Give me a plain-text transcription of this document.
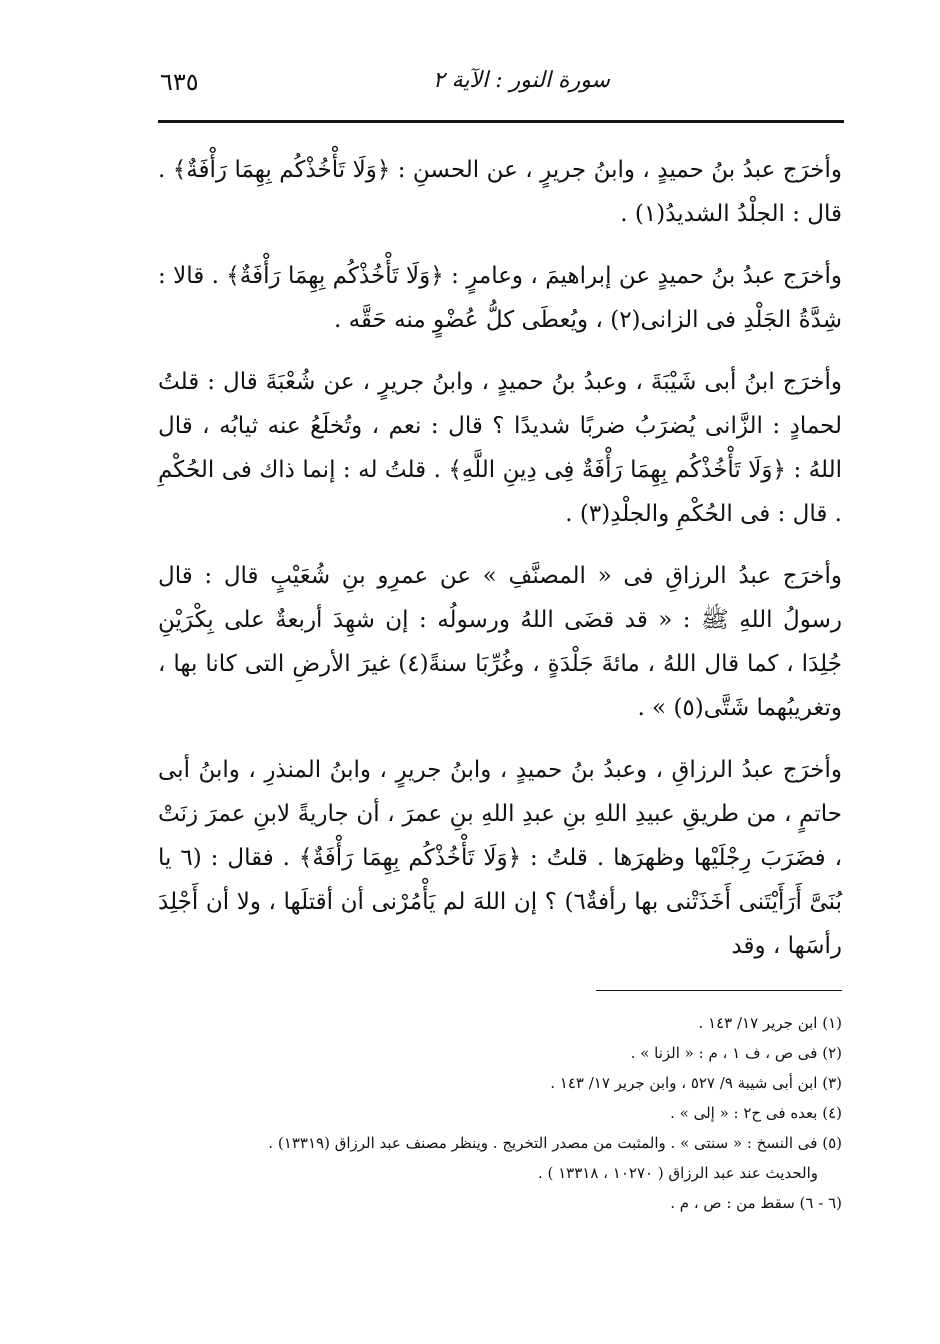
سورة النور : الآية ٢
٦٣٥

وأخرَج عبدُ بنُ حميدٍ ، وابنُ جريرٍ ، عن الحسنِ : ﴿وَلَا تَأْخُذْكُم بِهِمَا رَأْفَةٌ﴾ . قال : الجلْدُ الشديدُ(١) .

وأخرَج عبدُ بنُ حميدٍ عن إبراهيمَ ، وعامرٍ : ﴿وَلَا تَأْخُذْكُم بِهِمَا رَأْفَةٌ﴾ . قالا : شِدَّةُ الجَلْدِ فى الزانى(٢) ، ويُعطَى كلُّ عُضْوٍ منه حَقَّه .

وأخرَج ابنُ أبى شَيْبَةَ ، وعبدُ بنُ حميدٍ ، وابنُ جريرٍ ، عن شُعْبَةَ قال : قلتُ لحمادٍ : الزَّانى يُضرَبُ ضربًا شديدًا ؟ قال : نعم ، وتُخلَعُ عنه ثيابُه ، قال اللهُ : ﴿وَلَا تَأْخُذْكُم بِهِمَا رَأْفَةٌ فِى دِينِ اللَّهِ﴾ . قلتُ له : إنما ذاك فى الحُكْمِ . قال : فى الحُكْمِ والجلْدِ(٣) .

وأخرَج عبدُ الرزاقِ فى « المصنَّفِ » عن عمرِو بنِ شُعَيْبٍ قال : قال رسولُ اللهِ ﷺ : « قد قضَى اللهُ ورسولُه : إن شهِدَ أربعةٌ على بِكْرَيْنِ جُلِدَا ، كما قال اللهُ ، مائةَ جَلْدَةٍ ، وغُرِّبَا سنةً(٤) غيرَ الأرضِ التى كانا بها ، وتغريبُهما شَتَّى(٥) » .

وأخرَج عبدُ الرزاقِ ، وعبدُ بنُ حميدٍ ، وابنُ جريرٍ ، وابنُ المنذرِ ، وابنُ أبى حاتمٍ ، من طريقِ عبيدِ اللهِ بنِ عبدِ اللهِ بنِ عمرَ ، أن جاريةً لابنِ عمرَ زنَتْ ، فضَرَبَ رِجْلَيْها وظهرَها . قلتُ : ﴿وَلَا تَأْخُذْكُم بِهِمَا رَأْفَةٌ﴾ . فقال : (٦ يا بُنَىَّ أَرَأَيْتَنى أَخَذَتْنى بها رأفةٌ٦) ؟ إن اللهَ لم يَأْمُرْنى أن أقتلَها ، ولا أن أَجْلِدَ رأسَها ، وقد

(١) ابن جرير ١٧/ ١٤٣ .

(٢) فى ص ، ف ١ ، م : « الزنا » .

(٣) ابن أبى شيبة ٩/ ٥٢٧ ، وابن جرير ١٧/ ١٤٣ .

(٤) بعده فى ح٢ : « إلى » .

(٥) فى النسخ : « سنتى » . والمثبت من مصدر التخريج . وينظر مصنف عبد الرزاق (١٣٣١٩) .

والحديث عند عبد الرزاق ( ١٠٢٧٠ ، ١٣٣١٨ ) .

(٦ - ٦) سقط من : ص ، م .
